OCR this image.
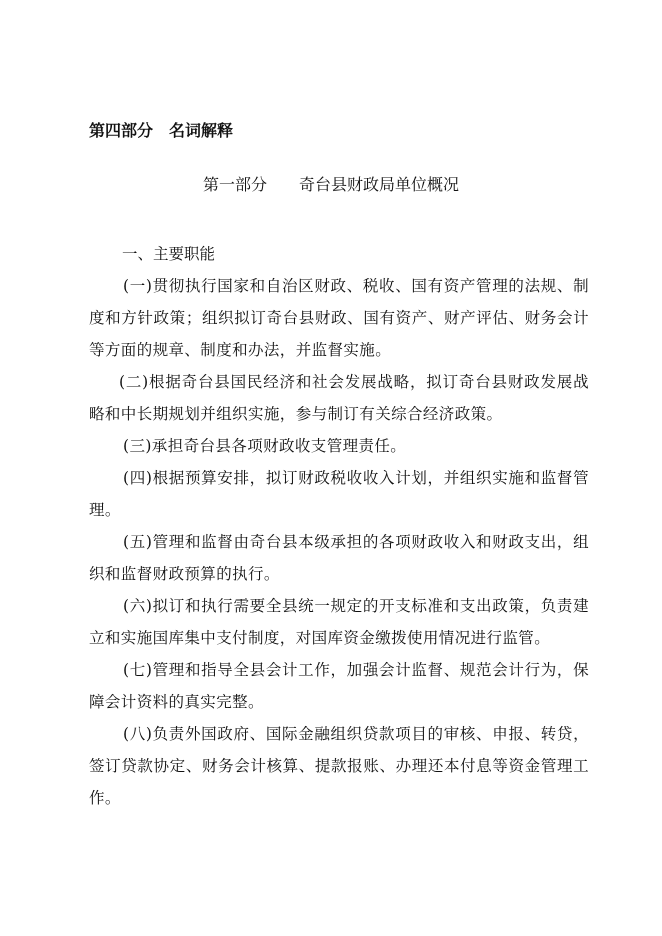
第四部分　名词解释
第一部分　　奇台县财政局单位概况
一、主要职能

(一)贯彻执行国家和自治区财政、税收、国有资产管理的法规、制度和方针政策；组织拟订奇台县财政、国有资产、财产评估、财务会计等方面的规章、制度和办法，并监督实施。

(二)根据奇台县国民经济和社会发展战略，拟订奇台县财政发展战略和中长期规划并组织实施，参与制订有关综合经济政策。

(三)承担奇台县各项财政收支管理责任。

(四)根据预算安排，拟订财政税收收入计划，并组织实施和监督管理。

(五)管理和监督由奇台县本级承担的各项财政收入和财政支出，组织和监督财政预算的执行。

(六)拟订和执行需要全县统一规定的开支标准和支出政策，负责建立和实施国库集中支付制度，对国库资金缴拨使用情况进行监管。

(七)管理和指导全县会计工作，加强会计监督、规范会计行为，保障会计资料的真实完整。

(八)负责外国政府、国际金融组织贷款项目的审核、申报、转贷，签订贷款协定、财务会计核算、提款报账、办理还本付息等资金管理工作。
